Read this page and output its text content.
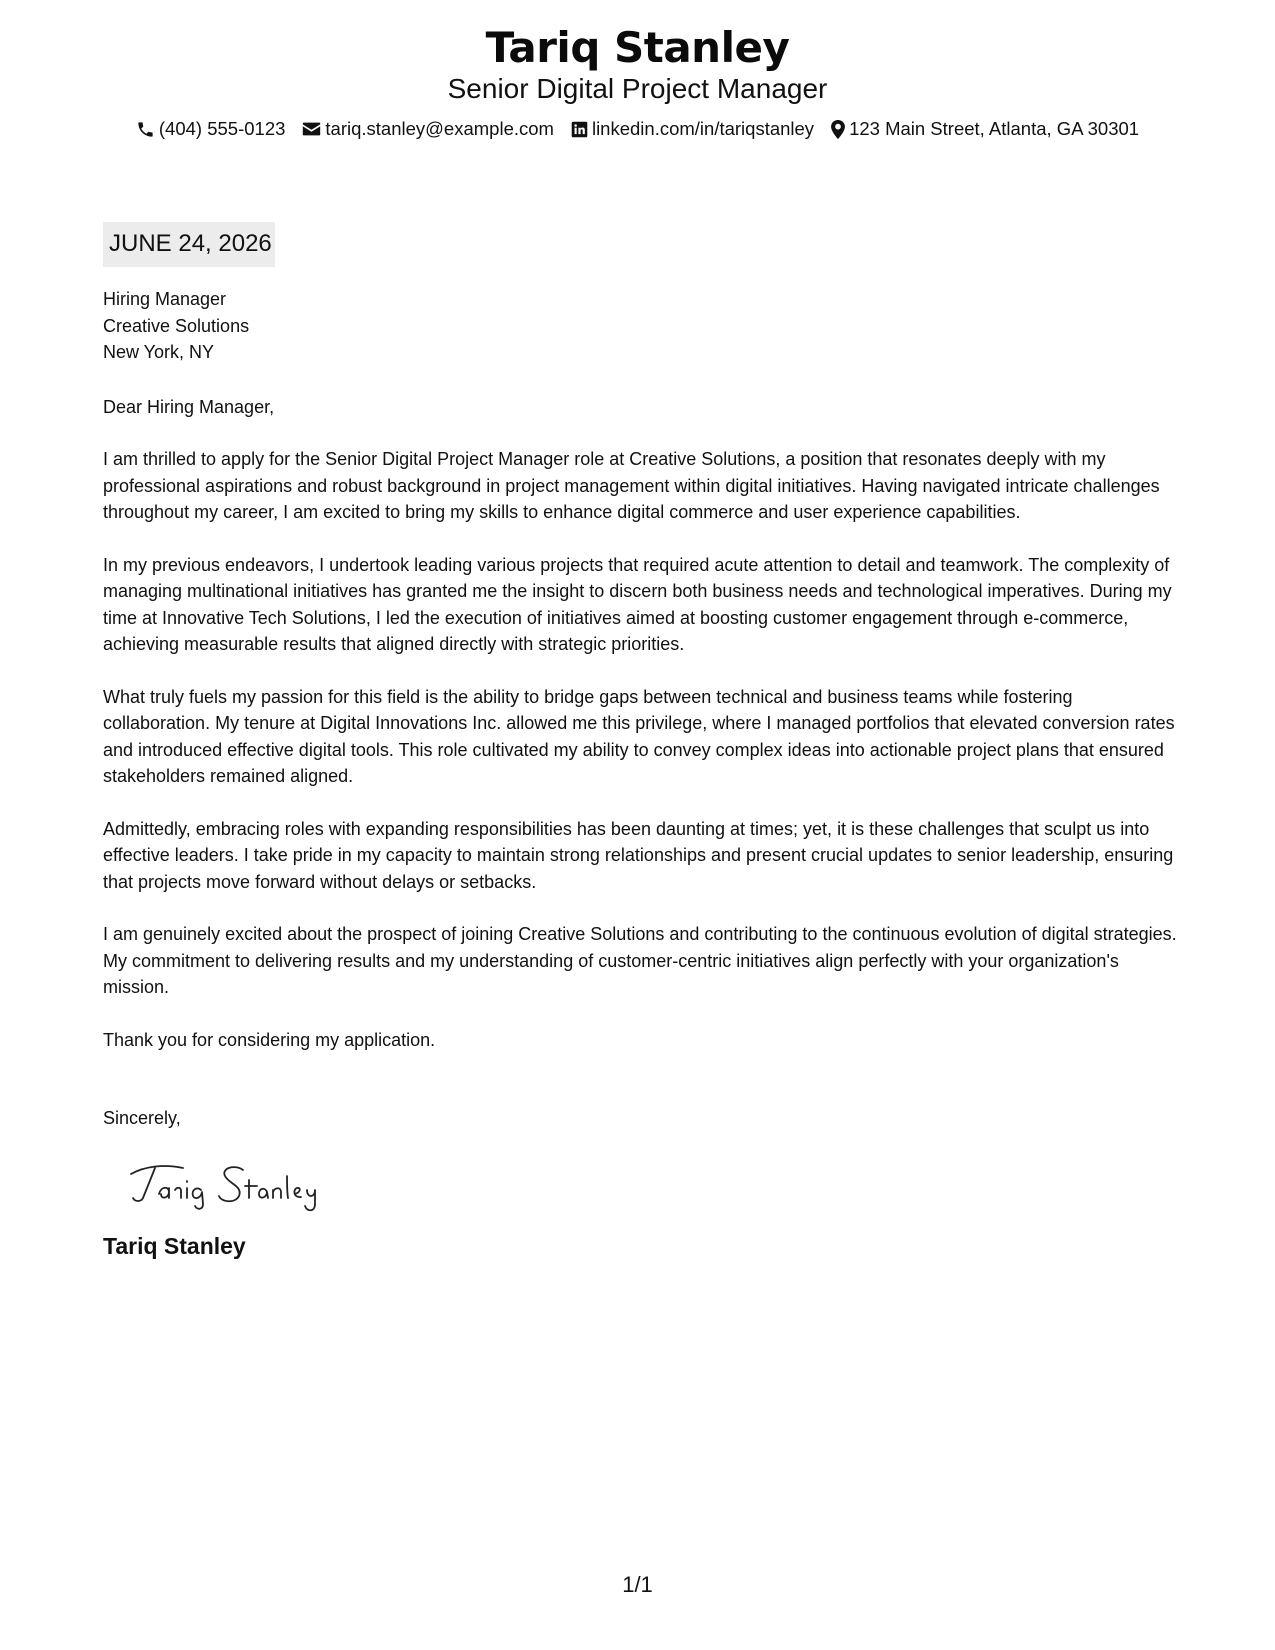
Tariq Stanley
Senior Digital Project Manager
(404) 555-0123 tariq.stanley@example.com linkedin.com/in/tariqstanley 123 Main Street, Atlanta, GA 30301
JUNE 24, 2026
Hiring Manager
Creative Solutions
New York, NY
Dear Hiring Manager,

I am thrilled to apply for the Senior Digital Project Manager role at Creative Solutions, a position that resonates deeply with my professional aspirations and robust background in project management within digital initiatives. Having navigated intricate challenges throughout my career, I am excited to bring my skills to enhance digital commerce and user experience capabilities.

In my previous endeavors, I undertook leading various projects that required acute attention to detail and teamwork. The complexity of managing multinational initiatives has granted me the insight to discern both business needs and technological imperatives. During my time at Innovative Tech Solutions, I led the execution of initiatives aimed at boosting customer engagement through e-commerce, achieving measurable results that aligned directly with strategic priorities.

What truly fuels my passion for this field is the ability to bridge gaps between technical and business teams while fostering collaboration. My tenure at Digital Innovations Inc. allowed me this privilege, where I managed portfolios that elevated conversion rates and introduced effective digital tools. This role cultivated my ability to convey complex ideas into actionable project plans that ensured stakeholders remained aligned.

Admittedly, embracing roles with expanding responsibilities has been daunting at times; yet, it is these challenges that sculpt us into effective leaders. I take pride in my capacity to maintain strong relationships and present crucial updates to senior leadership, ensuring that projects move forward without delays or setbacks.

I am genuinely excited about the prospect of joining Creative Solutions and contributing to the continuous evolution of digital strategies. My commitment to delivering results and my understanding of customer-centric initiatives align perfectly with your organization's mission.

Thank you for considering my application.

Sincerely,
Tariq Stanley
1/1
